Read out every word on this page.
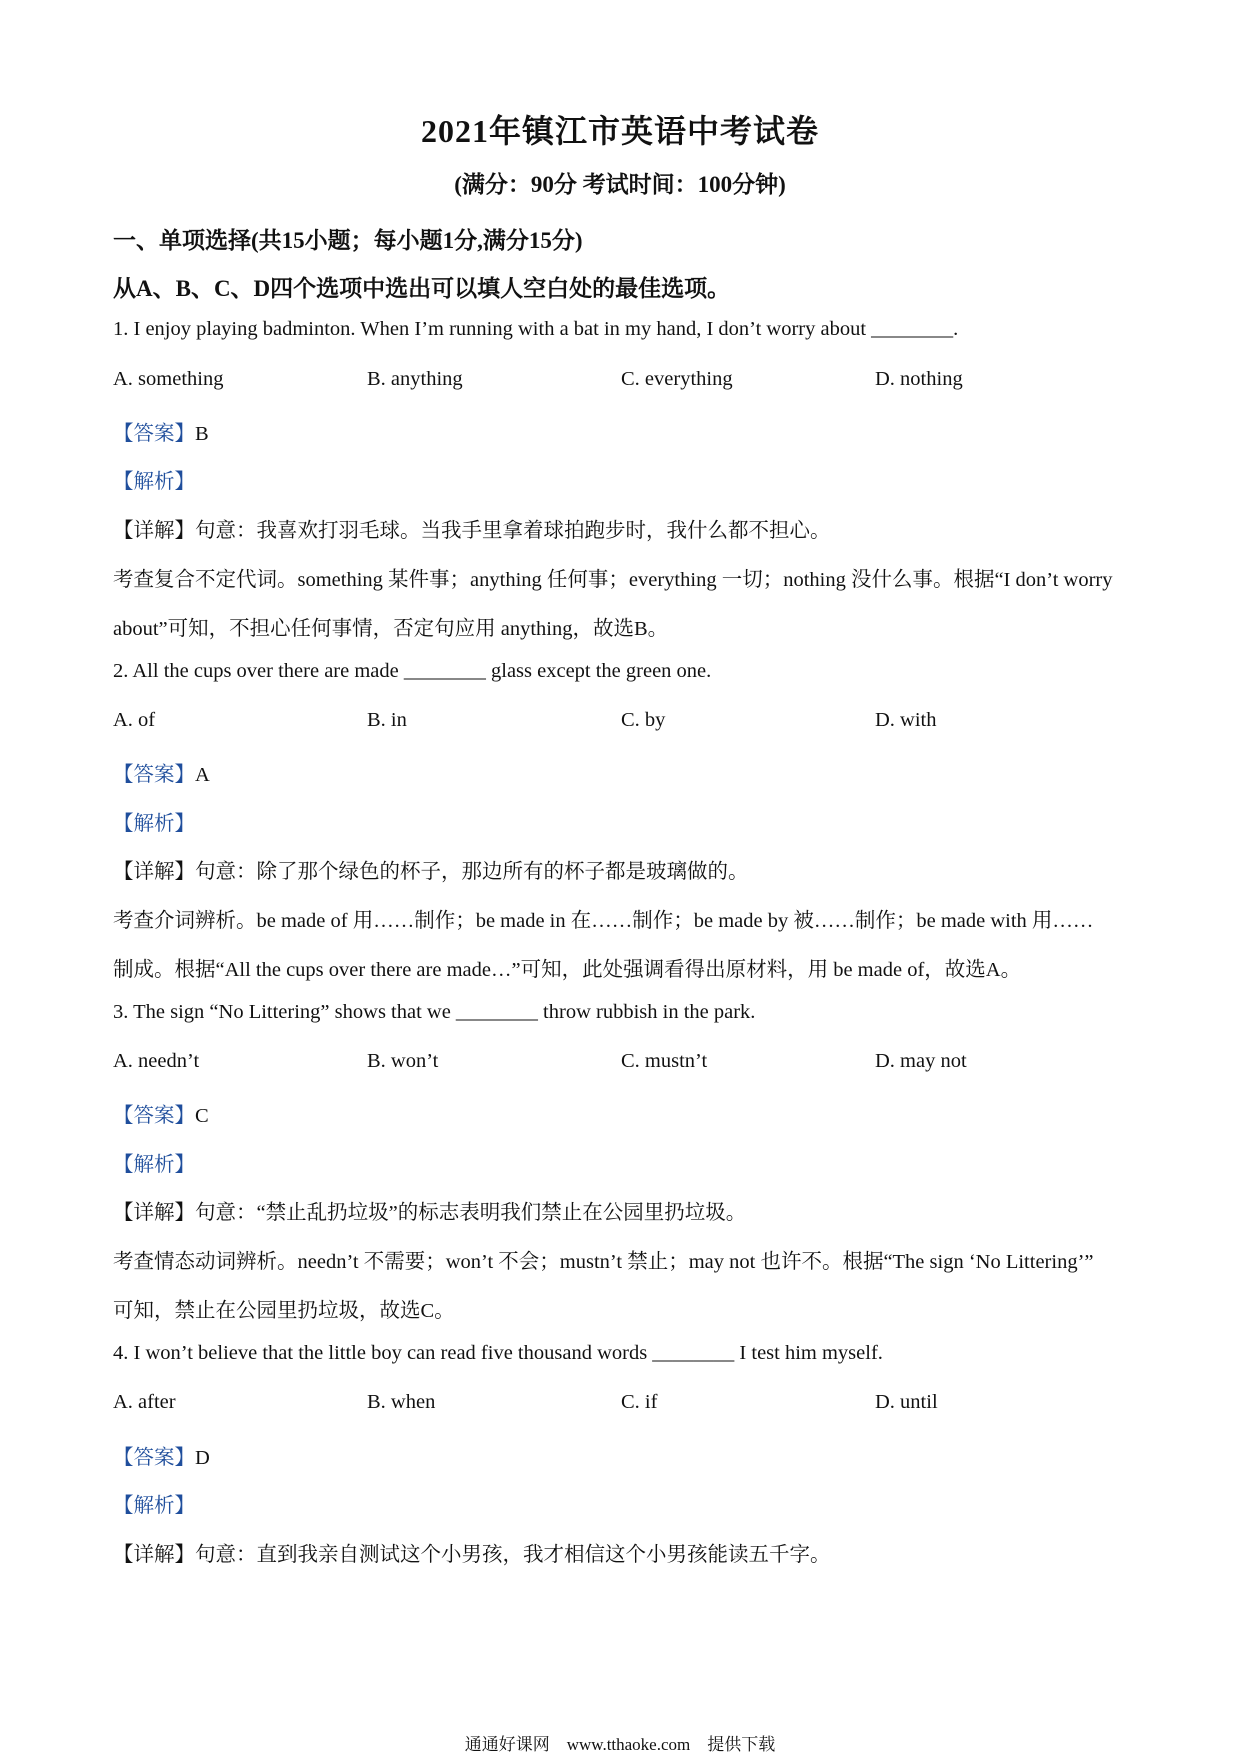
2021年镇江市英语中考试卷
(满分：90分 考试时间：100分钟)
一、单项选择(共15小题；每小题1分,满分15分)
从A、B、C、D四个选项中选出可以填人空白处的最佳选项。
1. I enjoy playing badminton. When I’m running with a bat in my hand, I don’t worry about ________.
A. something	B. anything	C. everything	D. nothing
【答案】B
【解析】
【详解】句意：我喜欢打羽毛球。当我手里拿着球拍跑步时，我什么都不担心。
考查复合不定代词。something 某件事；anything 任何事；everything 一切；nothing 没什么事。根据“I don’t worry
about”可知，不担心任何事情，否定句应用 anything，故选B。
2. All the cups over there are made ________ glass except the green one.
A. of	B. in	C. by	D. with
【答案】A
【解析】
【详解】句意：除了那个绿色的杯子，那边所有的杯子都是玻璃做的。
考查介词辨析。be made of 用……制作；be made in 在……制作；be made by 被……制作；be made with 用……
制成。根据“All the cups over there are made…”可知，此处强调看得出原材料，用 be made of，故选A。
3. The sign “No Littering” shows that we ________ throw rubbish in the park.
A. needn’t	B. won’t	C. mustn’t	D. may not
【答案】C
【解析】
【详解】句意：“禁止乱扔垃圾”的标志表明我们禁止在公园里扔垃圾。
考查情态动词辨析。needn’t 不需要；won’t 不会；mustn’t 禁止；may not 也许不。根据“The sign ‘No Littering’”
可知，禁止在公园里扔垃圾，故选C。
4. I won’t believe that the little boy can read five thousand words ________ I test him myself.
A. after	B. when	C. if	D. until
【答案】D
【解析】
【详解】句意：直到我亲自测试这个小男孩，我才相信这个小男孩能读五千字。
通通好课网　www.tthaoke.com　提供下载
